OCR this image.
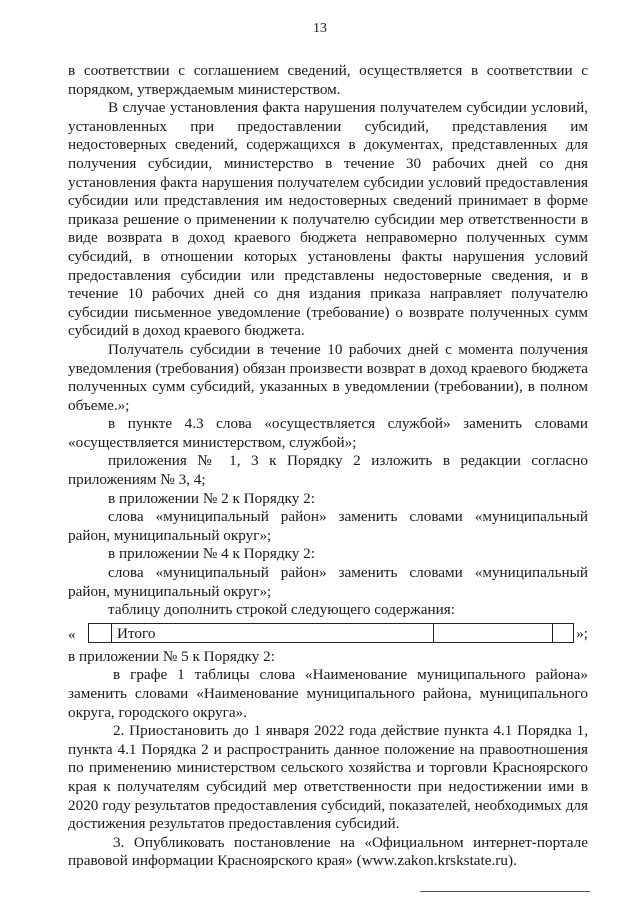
13

в соответствии с соглашением сведений, осуществляется в соответствии с порядком, утверждаемым министерством.

В случае установления факта нарушения получателем субсидии условий, установленных при предоставлении субсидий, представления им недостоверных сведений, содержащихся в документах, представленных для получения субсидии, министерство в течение 30 рабочих дней со дня установления факта нарушения получателем субсидии условий предоставления субсидии или представления им недостоверных сведений принимает в форме приказа решение о применении к получателю субсидии мер ответственности в виде возврата в доход краевого бюджета неправомерно полученных сумм субсидий, в отношении которых установлены факты нарушения условий предоставления субсидии или представлены недостоверные сведения, и в течение 10 рабочих дней со дня издания приказа направляет получателю субсидии письменное уведомление (требование) о возврате полученных сумм субсидий в доход краевого бюджета.

Получатель субсидии в течение 10 рабочих дней с момента получения уведомления (требования) обязан произвести возврат в доход краевого бюджета полученных сумм субсидий, указанных в уведомлении (требовании), в полном объеме.»;

в пункте 4.3 слова «осуществляется службой» заменить словами «осуществляется министерством, службой»;

приложения № 1, 3 к Порядку 2 изложить в редакции согласно приложениям № 3, 4;

в приложении № 2 к Порядку 2:

слова «муниципальный район» заменить словами «муниципальный район, муниципальный округ»;

в приложении № 4 к Порядку 2:

слова «муниципальный район» заменить словами «муниципальный район, муниципальный округ»;

таблицу дополнить строкой следующего содержания:

«	Итого	»;

в приложении № 5 к Порядку 2:

в графе 1 таблицы слова «Наименование муниципального района» заменить словами «Наименование муниципального района, муниципального округа, городского округа».

2. Приостановить до 1 января 2022 года действие пункта 4.1 Порядка 1, пункта 4.1 Порядка 2 и распространить данное положение на правоотношения по применению министерством сельского хозяйства и торговли Красноярского края к получателям субсидий мер ответственности при недостижении ими в 2020 году результатов предоставления субсидий, показателей, необходимых для достижения результатов предоставления субсидий.

3. Опубликовать постановление на «Официальном интернет-портале правовой информации Красноярского края» (www.zakon.krskstate.ru).
